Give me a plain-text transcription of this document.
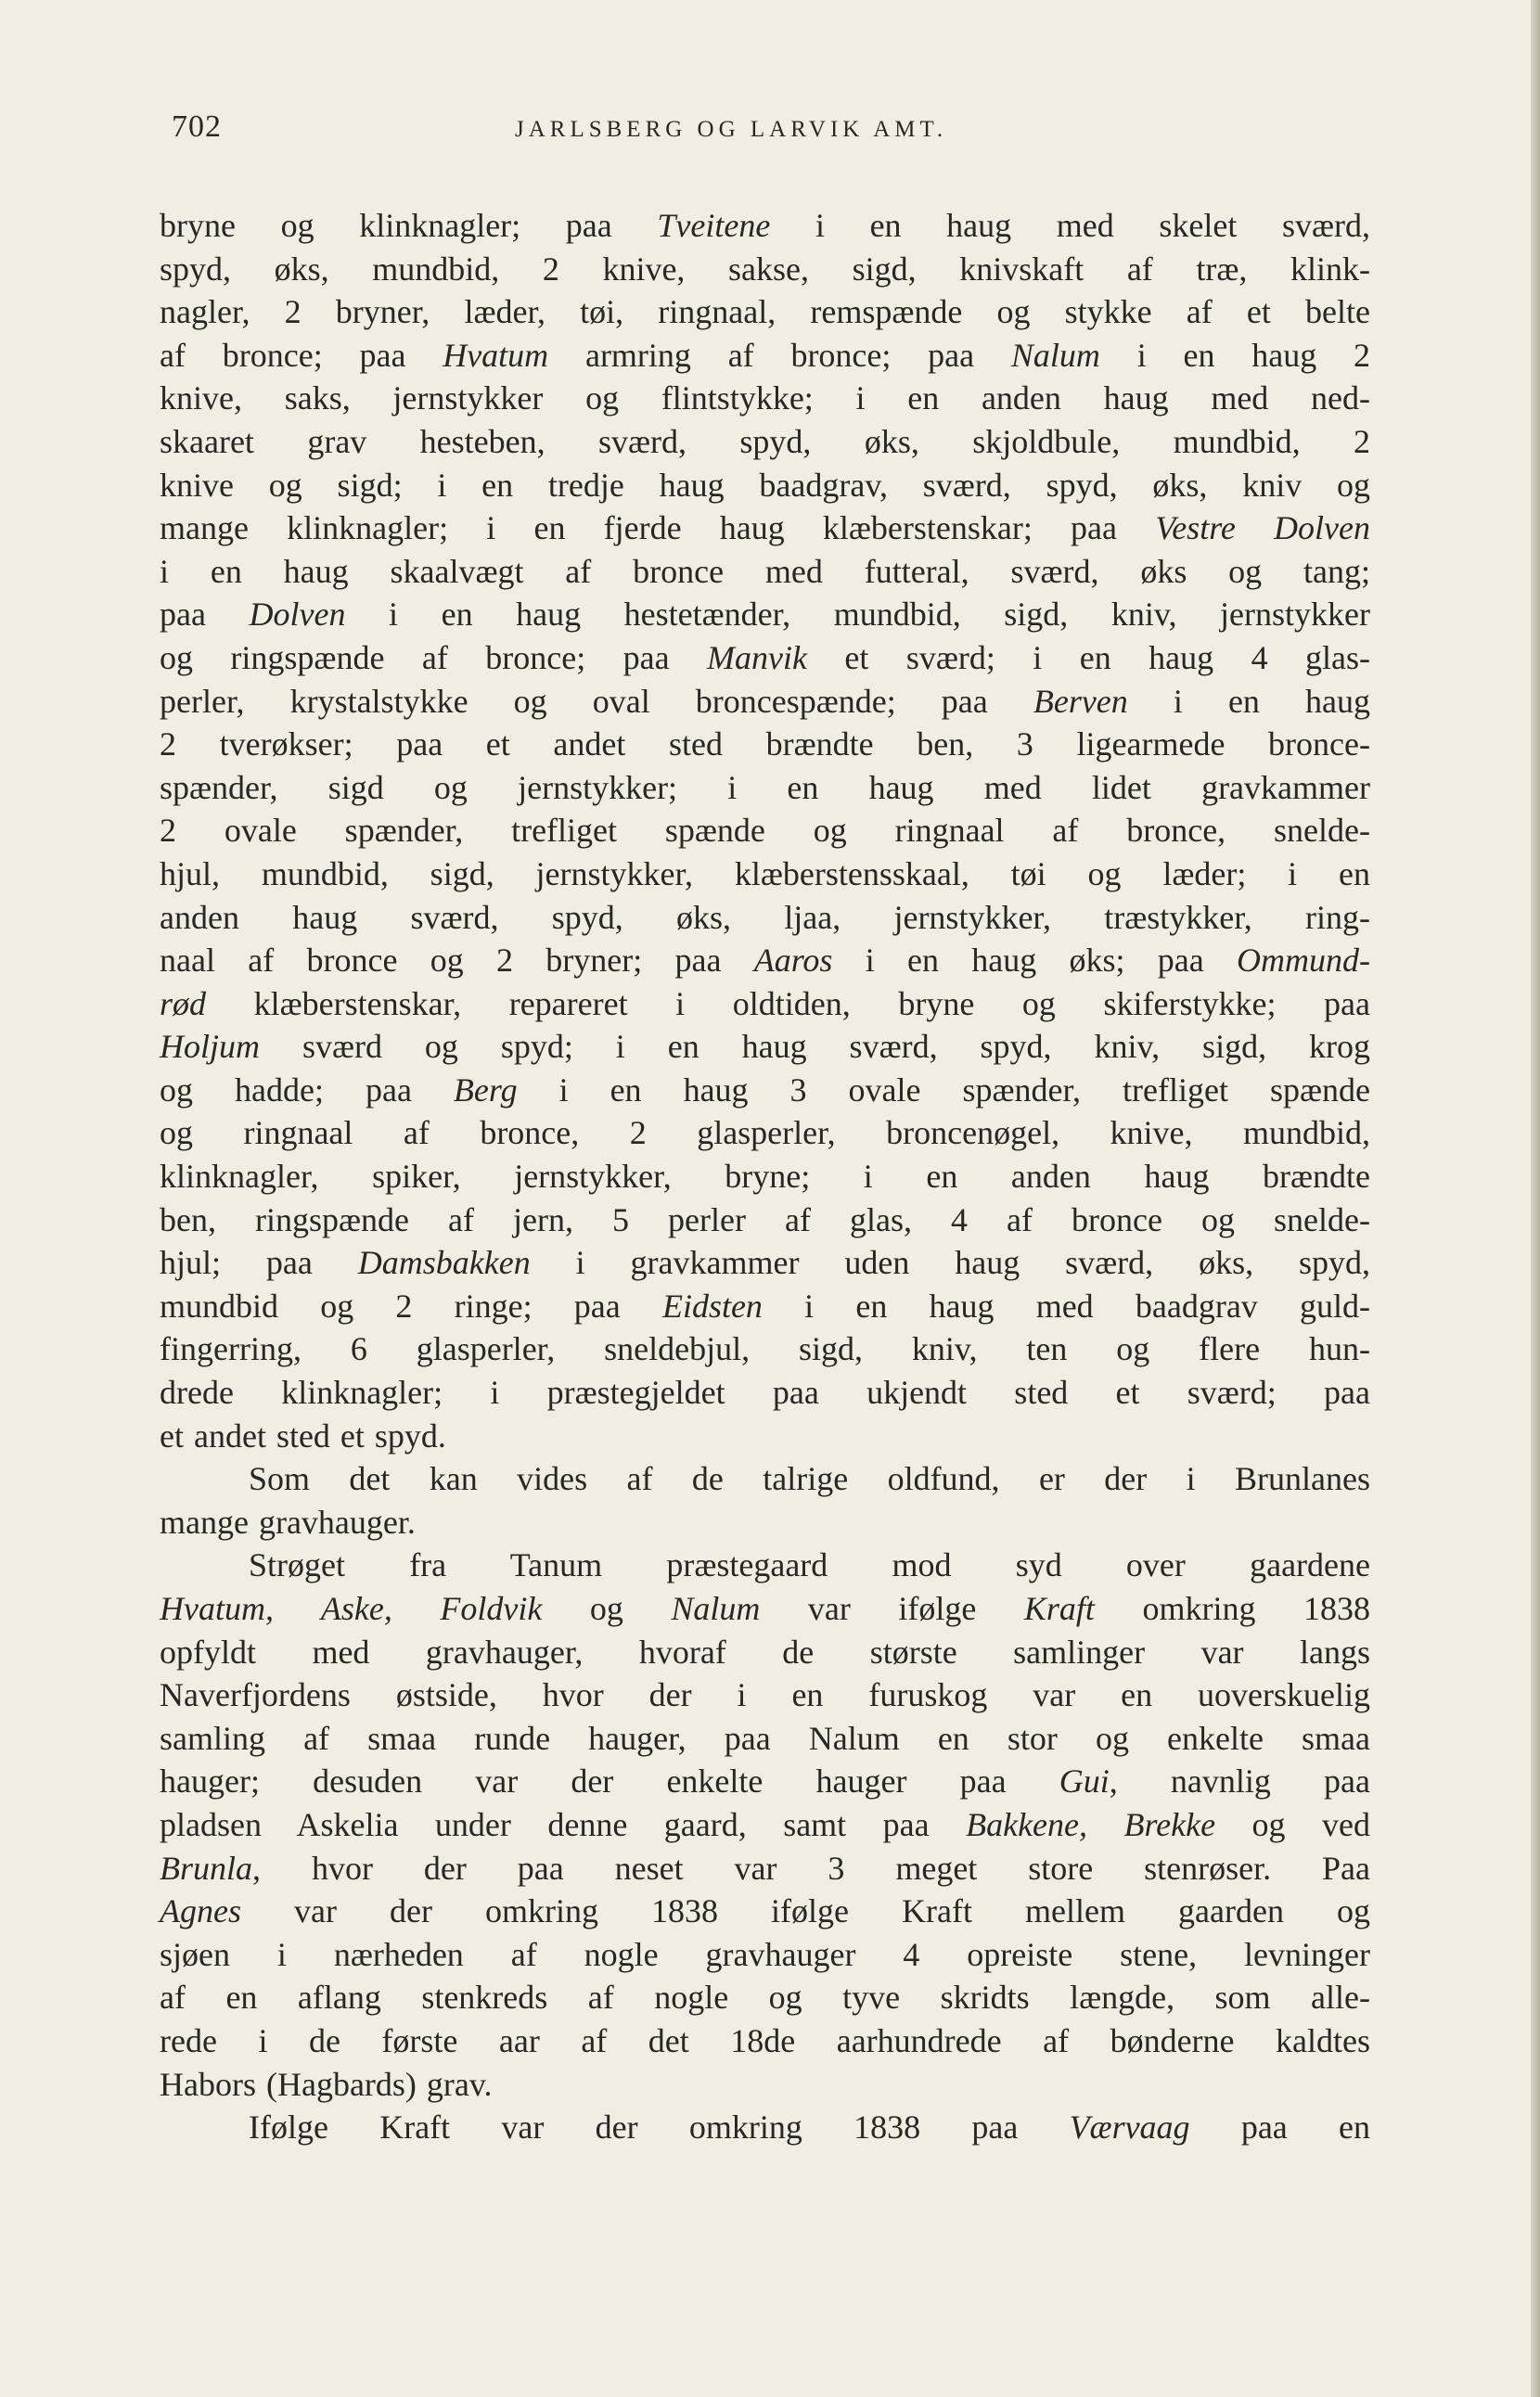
702	JARLSBERG OG LARVIK AMT.
bryne og klinknagler; paa Tveitene i en haug med skelet sværd,
spyd, øks, mundbid, 2 knive, sakse, sigd, knivskaft af træ, klink-
nagler, 2 bryner, læder, tøi, ringnaal, remspænde og stykke af et belte
af bronce; paa Hvatum armring af bronce; paa Nalum i en haug 2
knive, saks, jernstykker og flintstykke; i en anden haug med ned-
skaaret grav hesteben, sværd, spyd, øks, skjoldbule, mundbid, 2
knive og sigd; i en tredje haug baadgrav, sværd, spyd, øks, kniv og
mange klinknagler; i en fjerde haug klæberstenskar; paa Vestre Dolven
i en haug skaalvægt af bronce med futteral, sværd, øks og tang;
paa Dolven i en haug hestetænder, mundbid, sigd, kniv, jernstykker
og ringspænde af bronce; paa Manvik et sværd; i en haug 4 glas-
perler, krystalstykke og oval broncespænde; paa Berven i en haug
2 tverøkser; paa et andet sted brændte ben, 3 ligearmede bronce-
spænder, sigd og jernstykker; i en haug med lidet gravkammer
2 ovale spænder, trefliget spænde og ringnaal af bronce, snelde-
hjul, mundbid, sigd, jernstykker, klæberstensskaal, tøi og læder; i en
anden haug sværd, spyd, øks, ljaa, jernstykker, træstykker, ring-
naal af bronce og 2 bryner; paa Aaros i en haug øks; paa Ommund-
rød klæberstenskar, repareret i oldtiden, bryne og skiferstykke; paa
Holjum sværd og spyd; i en haug sværd, spyd, kniv, sigd, krog
og hadde; paa Berg i en haug 3 ovale spænder, trefliget spænde
og ringnaal af bronce, 2 glasperler, broncenøgel, knive, mundbid,
klinknagler, spiker, jernstykker, bryne; i en anden haug brændte
ben, ringspænde af jern, 5 perler af glas, 4 af bronce og snelde-
hjul; paa Damsbakken i gravkammer uden haug sværd, øks, spyd,
mundbid og 2 ringe; paa Eidsten i en haug med baadgrav guld-
fingerring, 6 glasperler, sneldebjul, sigd, kniv, ten og flere hun-
drede klinknagler; i præstegjeldet paa ukjendt sted et sværd; paa
et andet sted et spyd.
Som det kan vides af de talrige oldfund, er der i Brunlanes
mange gravhauger.
Strøget fra Tanum præstegaard mod syd over gaardene
Hvatum, Aske, Foldvik og Nalum var ifølge Kraft omkring 1838
opfyldt med gravhauger, hvoraf de største samlinger var langs
Naverfjordens østside, hvor der i en furuskog var en uoverskuelig
samling af smaa runde hauger, paa Nalum en stor og enkelte smaa
hauger; desuden var der enkelte hauger paa Gui, navnlig paa
pladsen Askelia under denne gaard, samt paa Bakkene, Brekke og ved
Brunla, hvor der paa neset var 3 meget store stenrøser. Paa
Agnes var der omkring 1838 ifølge Kraft mellem gaarden og
sjøen i nærheden af nogle gravhauger 4 opreiste stene, levninger
af en aflang stenkreds af nogle og tyve skridts længde, som alle-
rede i de første aar af det 18de aarhundrede af bønderne kaldtes
Habors (Hagbards) grav.
Ifølge Kraft var der omkring 1838 paa Værvaag paa en
